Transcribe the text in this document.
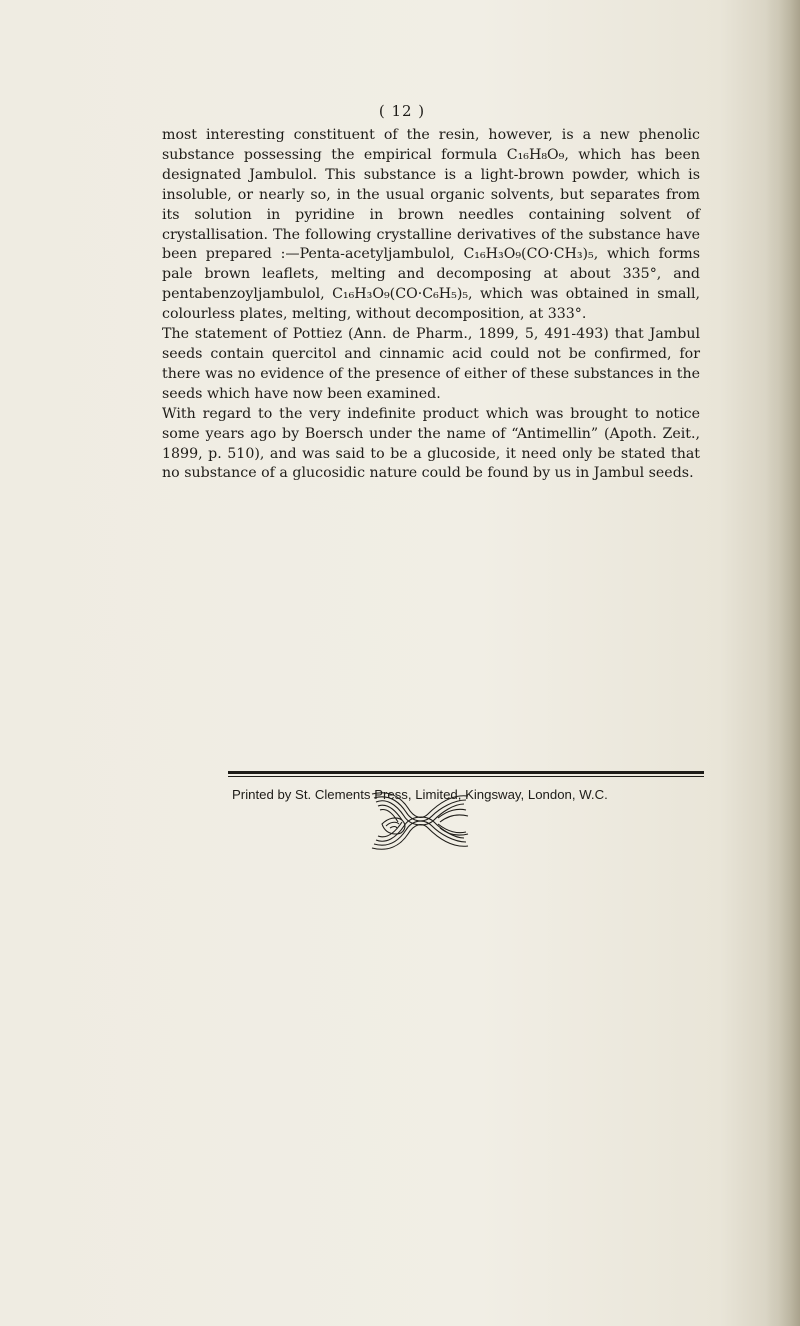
( 12 )

most interesting constituent of the resin, however, is a new phenolic substance possessing the empirical formula C₁₆H₈O₉, which has been designated Jambulol. This substance is a light-brown powder, which is insoluble, or nearly so, in the usual organic solvents, but separates from its solution in pyridine in brown needles containing solvent of crystallisation. The following crystalline derivatives of the substance have been prepared :—Penta-acetyljambulol, C₁₆H₃O₉(CO·CH₃)₅, which forms pale brown leaflets, melting and decomposing at about 335°, and pentabenzoyljambulol, C₁₆H₃O₉(CO·C₆H₅)₅, which was obtained in small, colourless plates, melting, without decomposition, at 333°.

The statement of Pottiez (Ann. de Pharm., 1899, 5, 491-493) that Jambul seeds contain quercitol and cinnamic acid could not be confirmed, for there was no evidence of the presence of either of these substances in the seeds which have now been examined.

With regard to the very indefinite product which was brought to notice some years ago by Boersch under the name of “Antimellin” (Apoth. Zeit., 1899, p. 510), and was said to be a glucoside, it need only be stated that no substance of a glucosidic nature could be found by us in Jambul seeds.

Printed by St. Clements Press, Limited, Kingsway, London, W.C.
